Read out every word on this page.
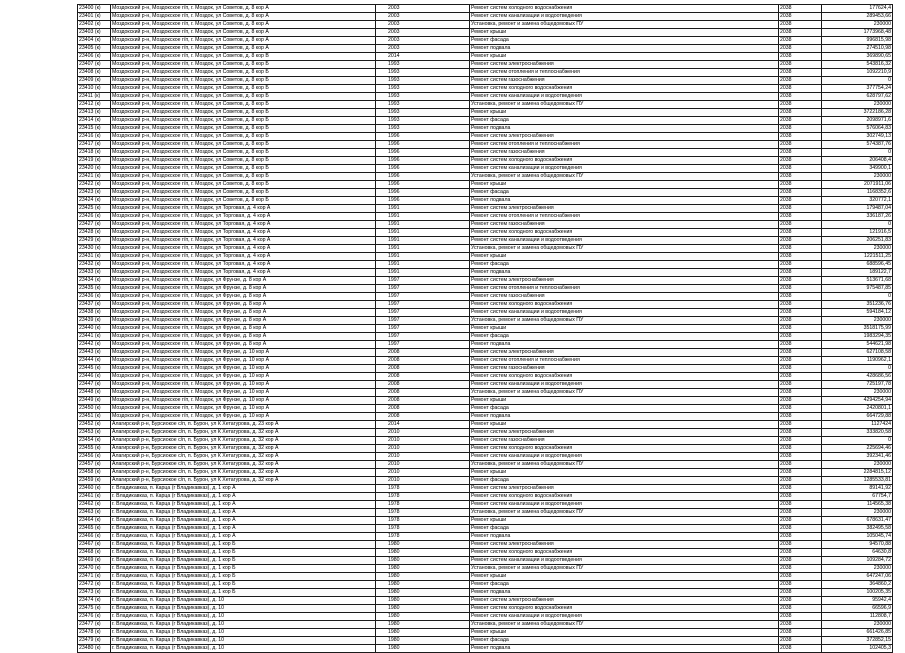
23400 (к)	Моздокский р-н, Моздокское г/п, г. Моздок, ул Советов, д. 8 кор А	2003	Ремонт систем холодного водоснабжения	2038	177624,4
23401 (к)	Моздокский р-н, Моздокское г/п, г. Моздок, ул Советов, д. 8 кор А	2003	Ремонт систем канализации и водоотведения	2038	289453,66
23402 (к)	Моздокский р-н, Моздокское г/п, г. Моздок, ул Советов, д. 8 кор А	2003	Установка, ремонт и замена общедомовых ПУ	2038	230000
23403 (к)	Моздокский р-н, Моздокское г/п, г. Моздок, ул Советов, д. 8 кор А	2003	Ремонт крыши	2038	1773968,48
23404 (к)	Моздокский р-н, Моздокское г/п, г. Моздок, ул Советов, д. 8 кор А	2003	Ремонт фасада	2038	996815,98
23405 (к)	Моздокский р-н, Моздокское г/п, г. Моздок, ул Советов, д. 8 кор А	2003	Ремонт подвала	2038	274510,98
23406 (к)	Моздокский р-н, Моздокское г/п, г. Моздок, ул Советов, д. 8 кор В	2014	Ремонт крыши	2038	369890,65
23407 (к)	Моздокский р-н, Моздокское г/п, г. Моздок, ул Советов, д. 8 кор Б	1993	Ремонт систем электроснабжения	2038	543816,32
23408 (к)	Моздокский р-н, Моздокское г/п, г. Моздок, ул Советов, д. 8 кор Б	1993	Ремонт систем отопления и теплоснабжения	2038	1092210,9
23409 (к)	Моздокский р-н, Моздокское г/п, г. Моздок, ул Советов, д. 8 кор Б	1993	Ремонт систем газоснабжения	2038	0
23410 (к)	Моздокский р-н, Моздокское г/п, г. Моздок, ул Советов, д. 8 кор Б	1993	Ремонт систем холодного водоснабжения	2038	377754,24
23411 (к)	Моздокский р-н, Моздокское г/п, г. Моздок, ул Советов, д. 8 кор Б	1993	Ремонт систем канализации и водоотведения	2038	628797,62
23412 (к)	Моздокский р-н, Моздокское г/п, г. Моздок, ул Советов, д. 8 кор Б	1993	Установка, ремонт и замена общедомовых ПУ	2038	230000
23413 (к)	Моздокский р-н, Моздокское г/п, г. Моздок, ул Советов, д. 8 кор Б	1993	Ремонт крыши	2038	3722186,28
23414 (к)	Моздокский р-н, Моздокское г/п, г. Моздок, ул Советов, д. 8 кор Б	1993	Ремонт фасада	2038	2098971,6
23415 (к)	Моздокский р-н, Моздокское г/п, г. Моздок, ул Советов, д. 8 кор Б	1993	Ремонт подвала	2038	576064,83
23416 (к)	Моздокский р-н, Моздокское г/п, г. Моздок, ул Советов, д. 8 кор Б	1996	Ремонт систем электроснабжения	2038	302749,13
23417 (к)	Моздокский р-н, Моздокское г/п, г. Моздок, ул Советов, д. 8 кор Б	1996	Ремонт систем отопления и теплоснабжения	2038	574387,76
23418 (к)	Моздокский р-н, Моздокское г/п, г. Моздок, ул Советов, д. 8 кор Б	1996	Ремонт систем газоснабжения	2038	0
23419 (к)	Моздокский р-н, Моздокское г/п, г. Моздок, ул Советов, д. 8 кор Б	1996	Ремонт систем холодного водоснабжения	2038	206408,4
23420 (к)	Моздокский р-н, Моздокское г/п, г. Моздок, ул Советов, д. 8 кор Б	1996	Ремонт систем канализации и водоотведения	2038	349900,1
23421 (к)	Моздокский р-н, Моздокское г/п, г. Моздок, ул Советов, д. 8 кор Б	1996	Установка, ремонт и замена общедомовых ПУ	2038	230000
23422 (к)	Моздокский р-н, Моздокское г/п, г. Моздок, ул Советов, д. 8 кор Б	1996	Ремонт крыши	2038	2071911,06
23423 (к)	Моздокский р-н, Моздокское г/п, г. Моздок, ул Советов, д. 8 кор Б	1996	Ремонт фасада	2038	1168352,6
23424 (к)	Моздокский р-н, Моздокское г/п, г. Моздок, ул Советов, д. 8 кор Б	1996	Ремонт подвала	2038	320772,1
23425 (к)	Моздокский р-н, Моздокское г/п, г. Моздок, ул Торговая, д. 4 кор А	1991	Ремонт систем электроснабжения	2038	179487,04
23426 (к)	Моздокский р-н, Моздокское г/п, г. Моздок, ул Торговая, д. 4 кор А	1991	Ремонт систем отопления и теплоснабжения	2038	336187,26
23427 (к)	Моздокский р-н, Моздокское г/п, г. Моздок, ул Торговая, д. 4 кор А	1991	Ремонт систем газоснабжения	2038	0
23428 (к)	Моздокский р-н, Моздокское г/п, г. Моздок, ул Торговая, д. 4 кор А	1991	Ремонт систем холодного водоснабжения	2038	121916,5
23429 (к)	Моздокский р-н, Моздокское г/п, г. Моздок, ул Торговая, д. 4 кор А	1991	Ремонт систем канализации и водоотведения	2038	206251,83
23430 (к)	Моздокский р-н, Моздокское г/п, г. Моздок, ул Торговая, д. 4 кор А	1991	Установка, ремонт и замена общедомовых ПУ	2038	230000
23431 (к)	Моздокский р-н, Моздокское г/п, г. Моздок, ул Торговая, д. 4 кор А	1991	Ремонт крыши	2038	1221511,25
23432 (к)	Моздокский р-н, Моздокское г/п, г. Моздок, ул Торговая, д. 4 кор А	1991	Ремонт фасада	2038	688596,45
23433 (к)	Моздокский р-н, Моздокское г/п, г. Моздок, ул Торговая, д. 4 кор А	1991	Ремонт подвала	2038	189122,7
23434 (к)	Моздокский р-н, Моздокское г/п, г. Моздок, ул Фрунзе, д. 8 кор А	1997	Ремонт систем электроснабжения	2038	513671,68
23435 (к)	Моздокский р-н, Моздокское г/п, г. Моздок, ул Фрунзе, д. 8 кор А	1997	Ремонт систем отопления и теплоснабжения	2038	975487,85
23436 (к)	Моздокский р-н, Моздокское г/п, г. Моздок, ул Фрунзе, д. 8 кор А	1997	Ремонт систем газоснабжения	2038	0
23437 (к)	Моздокский р-н, Моздокское г/п, г. Моздок, ул Фрунзе, д. 8 кор А	1997	Ремонт систем холодного водоснабжения	2038	351236,76
23438 (к)	Моздокский р-н, Моздокское г/п, г. Моздок, ул Фрунзе, д. 8 кор А	1997	Ремонт систем канализации и водоотведения	2038	594184,12
23439 (к)	Моздокский р-н, Моздокское г/п, г. Моздок, ул Фрунзе, д. 8 кор А	1997	Установка, ремонт и замена общедомовых ПУ	2038	230000
23440 (к)	Моздокский р-н, Моздокское г/п, г. Моздок, ул Фрунзе, д. 8 кор А	1997	Ремонт крыши	2038	3518175,99
23441 (к)	Моздокский р-н, Моздокское г/п, г. Моздок, ул Фрунзе, д. 8 кор А	1997	Ремонт фасада	2038	1983294,35
23442 (к)	Моздокский р-н, Моздокское г/п, г. Моздок, ул Фрунзе, д. 8 кор А	1997	Ремонт подвала	2038	544621,98
23443 (к)	Моздокский р-н, Моздокское г/п, г. Моздок, ул Фрунзе, д. 10 кор А	2008	Ремонт систем электроснабжения	2038	627108,58
23444 (к)	Моздокский р-н, Моздокское г/п, г. Моздок, ул Фрунзе, д. 10 кор А	2008	Ремонт систем отопления и теплоснабжения	2038	1190962,1
23445 (к)	Моздокский р-н, Моздокское г/п, г. Моздок, ул Фрунзе, д. 10 кор А	2008	Ремонт систем газоснабжения	2038	0
23446 (к)	Моздокский р-н, Моздокское г/п, г. Моздок, ул Фрунзе, д. 10 кор А	2008	Ремонт систем холодного водоснабжения	2038	428686,56
23447 (к)	Моздокский р-н, Моздокское г/п, г. Моздок, ул Фрунзе, д. 10 кор А	2008	Ремонт систем канализации и водоотведения	2038	725197,78
23448 (к)	Моздокский р-н, Моздокское г/п, г. Моздок, ул Фрунзе, д. 10 кор А	2008	Установка, ремонт и замена общедомовых ПУ	2038	230000
23449 (к)	Моздокский р-н, Моздокское г/п, г. Моздок, ул Фрунзе, д. 10 кор А	2008	Ремонт крыши	2038	4294254,94
23450 (к)	Моздокский р-н, Моздокское г/п, г. Моздок, ул Фрунзе, д. 10 кор А	2008	Ремонт фасада	2038	2420801,1
23451 (к)	Моздокский р-н, Моздокское г/п, г. Моздок, ул Фрунзе, д. 10 кор А	2008	Ремонт подвала	2038	664729,88
23452 (к)	Алагирский р-н, Бурсиокое с/п, п. Бурон, ул К Хетагурова, д. 23 кор А	2014	Ремонт крыши	2038	1127424
23453 (к)	Алагирский р-н, Бурсиокое с/п, п. Бурон, ул К Хетагурова, д. 32 кор А	2010	Ремонт систем электроснабжения	2038	333820,58
23454 (к)	Алагирский р-н, Бурсиокое с/п, п. Бурон, ул К Хетагурова, д. 32 кор А	2010	Ремонт систем газоснабжения	2038	0
23455 (к)	Алагирский р-н, Бурсиокое с/п, п. Бурон, ул К Хетагурова, д. 32 кор А	2010	Ремонт систем холодного водоснабжения	2038	225694,46
23456 (к)	Алагирский р-н, Бурсиокое с/п, п. Бурон, ул К Хетагурова, д. 32 кор А	2010	Ремонт систем канализации и водоотведения	2038	392341,46
23457 (к)	Алагирский р-н, Бурсиокое с/п, п. Бурон, ул К Хетагурова, д. 32 кор А	2010	Установка, ремонт и замена общедомовых ПУ	2038	230000
23458 (к)	Алагирский р-н, Бурсиокое с/п, п. Бурон, ул К Хетагурова, д. 32 кор А	2010	Ремонт крыши	2038	2284815,12
23459 (к)	Алагирский р-н, Бурсиокое с/п, п. Бурон, ул К Хетагурова, д. 32 кор А	2010	Ремонт фасада	2038	1285533,81
23460 (к)	г. Владикавказ, п. Карца (г Владикавказ), д. 1 кор А	1978	Ремонт систем электроснабжения	2038	89141,92
23461 (к)	г. Владикавказ, п. Карца (г Владикавказ), д. 1 кор А	1978	Ремонт систем холодного водоснабжения	2038	67754,7
23462 (к)	г. Владикавказ, п. Карца (г Владикавказ), д. 1 кор А	1978	Ремонт систем канализации и водоотведения	2038	114565,38
23463 (к)	г. Владикавказ, п. Карца (г Владикавказ), д. 1 кор А	1978	Установка, ремонт и замена общедомовых ПУ	2038	230000
23464 (к)	г. Владикавказ, п. Карца (г Владикавказ), д. 1 кор А	1978	Ремонт крыши	2038	678631,47
23465 (к)	г. Владикавказ, п. Карца (г Владикавказ), д. 1 кор А	1978	Ремонт фасада	2038	382495,58
23466 (к)	г. Владикавказ, п. Карца (г Владикавказ), д. 1 кор А	1978	Ремонт подвала	2038	105045,74
23467 (к)	г. Владикавказ, п. Карца (г Владикавказ), д. 1 кор Б	1980	Ремонт систем электроснабжения	2038	94570,88
23468 (к)	г. Владикавказ, п. Карца (г Владикавказ), д. 1 кор Б	1980	Ремонт систем холодного водоснабжения	2038	64630,8
23469 (к)	г. Владикавказ, п. Карца (г Владикавказ), д. 1 кор Б	1980	Ремонт систем канализации и водоотведения	2038	109284,72
23470 (к)	г. Владикавказ, п. Карца (г Владикавказ), д. 1 кор Б	1980	Установка, ремонт и замена общедомовых ПУ	2038	230000
23471 (к)	г. Владикавказ, п. Карца (г Владикавказ), д. 1 кор Б	1980	Ремонт крыши	2038	647247,06
23472 (к)	г. Владикавказ, п. Карца (г Владикавказ), д. 1 кор Б	1980	Ремонт фасада	2038	364860,2
23473 (к)	г. Владикавказ, п. Карца (г Владикавказ), д. 1 кор Б	1980	Ремонт подвала	2038	100205,35
23474 (к)	г. Владикавказ, п. Карца (г Владикавказ), д. 10	1980	Ремонт систем электроснабжения	2038	95942,4
23475 (к)	г. Владикавказ, п. Карца (г Владикавказ), д. 10	1980	Ремонт систем холодного водоснабжения	2038	66596,9
23476 (к)	г. Владикавказ, п. Карца (г Владикавказ), д. 10	1980	Ремонт систем канализации и водоотведения	2038	112808,7
23477 (к)	г. Владикавказ, п. Карца (г Владикавказ), д. 10	1980	Установка, ремонт и замена общедомовых ПУ	2038	230000
23478 (к)	г. Владикавказ, п. Карца (г Владикавказ), д. 10	1980	Ремонт крыши	2038	661426,85
23479 (к)	г. Владикавказ, п. Карца (г Владикавказ), д. 10	1980	Ремонт фасада	2038	372852,15
23480 (к)	г. Владикавказ, п. Карца (г Владикавказ), д. 10	1980	Ремонт подвала	2038	102405,3
